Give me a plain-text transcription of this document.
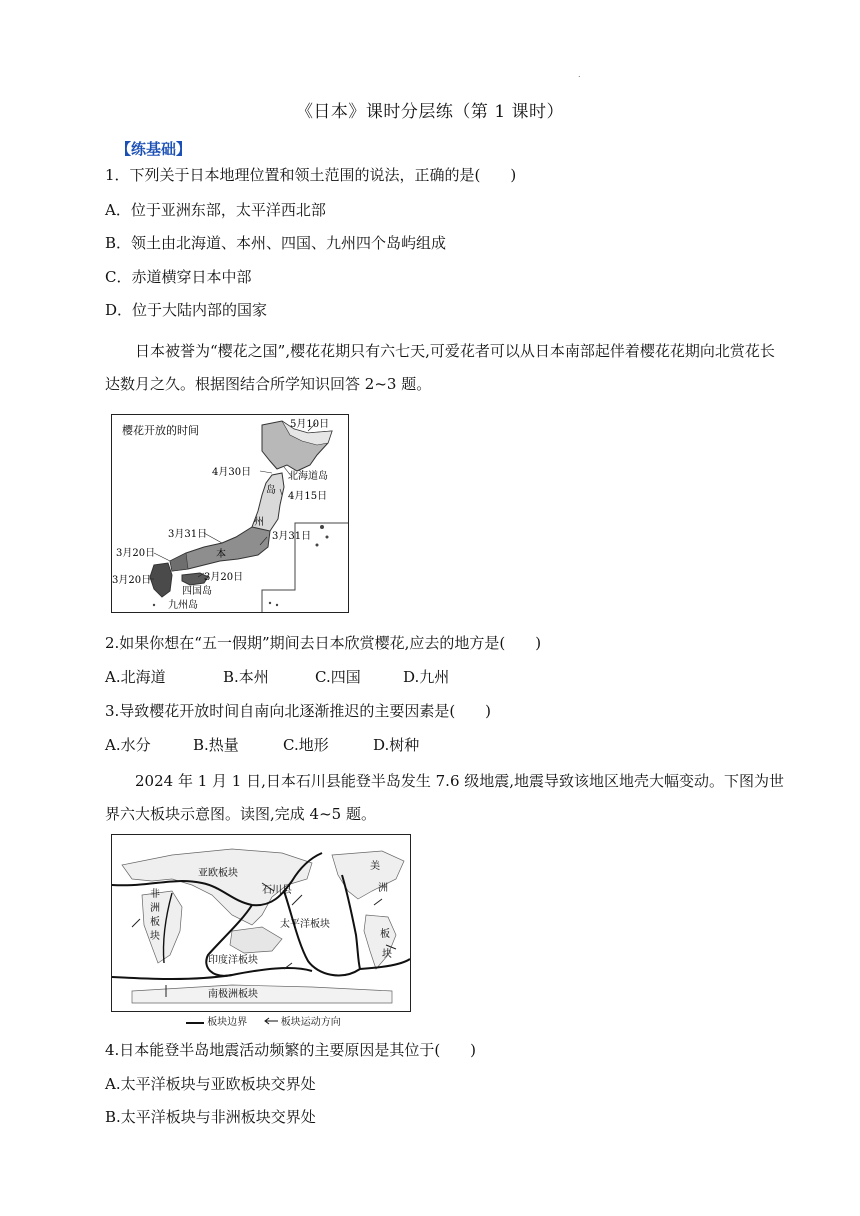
.
《日本》课时分层练（第 1 课时）
【练基础】
1．下列关于日本地理位置和领土范围的说法，正确的是(　　)
A．位于亚洲东部，太平洋西北部
B．领土由北海道、本州、四国、九州四个岛屿组成
C．赤道横穿日本中部
D．位于大陆内部的国家
日本被誉为“樱花之国”,樱花花期只有六七天,可爱花者可以从日本南部起伴着樱花花期向北赏花长达数月之久。根据图结合所学知识回答 2~3 题。
樱花开放的时间	5月10日
4月30日	北海道岛
岛
4月15日
州
本
3月31日	3月31日
3月20日
3月20日	3月20日
四国岛
九州岛
2.如果你想在“五一假期”期间去日本欣赏樱花,应去的地方是(　　)
A.北海道	B.本州	C.四国	D.九州
3.导致樱花开放时间自南向北逐渐推迟的主要因素是(　　)
A.水分	B.热量	C.地形	D.树种
2024 年 1 月 1 日,日本石川县能登半岛发生 7.6 级地震,地震导致该地区地壳大幅变动。下图为世界六大板块示意图。读图,完成 4~5 题。
亚欧板块
石川县
太平洋板块
印度洋板块
南极洲板块
非
洲
板
块
美
洲
板
块
板块边界	板块运动方向
4.日本能登半岛地震活动频繁的主要原因是其位于(　　)
A.太平洋板块与亚欧板块交界处
B.太平洋板块与非洲板块交界处
